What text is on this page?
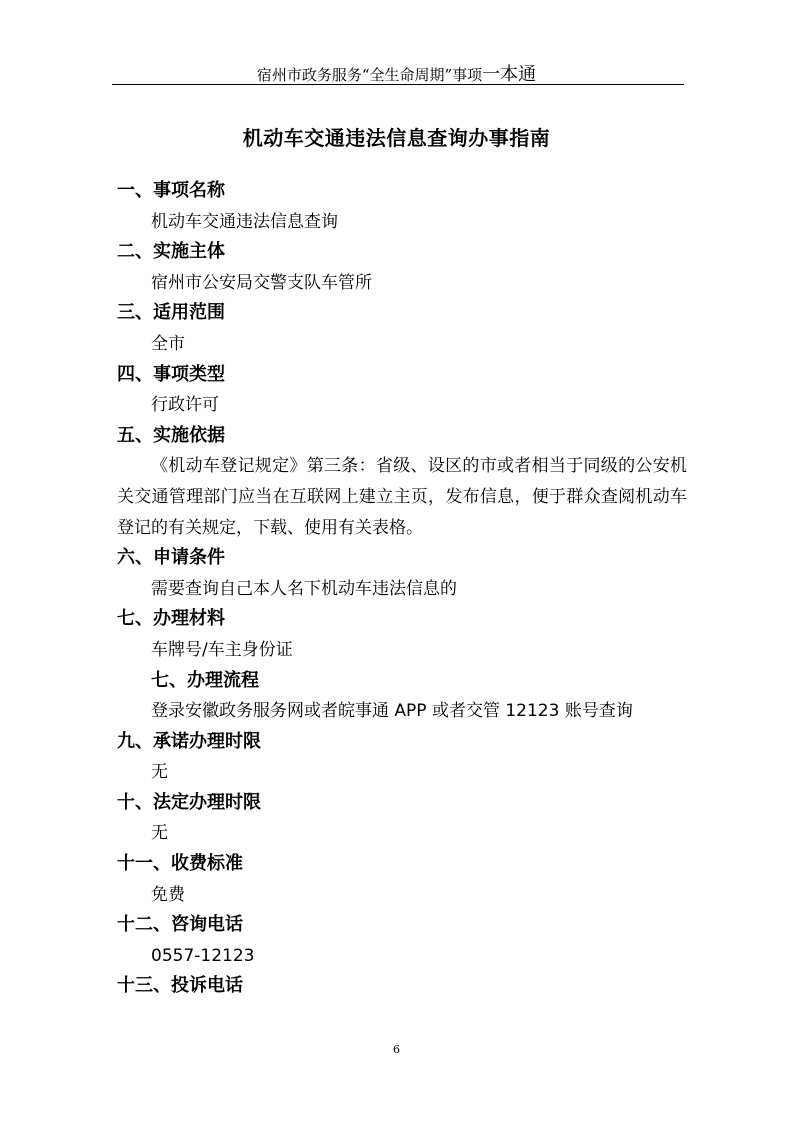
宿州市政务服务“全生命周期”事项一本通
机动车交通违法信息查询办事指南
一、事项名称
机动车交通违法信息查询
二、实施主体
宿州市公安局交警支队车管所
三、适用范围
全市
四、事项类型
行政许可
五、实施依据
《机动车登记规定》第三条：省级、设区的市或者相当于同级的公安机关交通管理部门应当在互联网上建立主页，发布信息，便于群众查阅机动车登记的有关规定，下载、使用有关表格。
六、申请条件
需要查询自己本人名下机动车违法信息的
七、办理材料
车牌号/车主身份证
七、办理流程
登录安徽政务服务网或者皖事通 APP 或者交管 12123 账号查询
九、承诺办理时限
无
十、法定办理时限
无
十一、收费标准
免费
十二、咨询电话
0557-12123
十三、投诉电话
6
